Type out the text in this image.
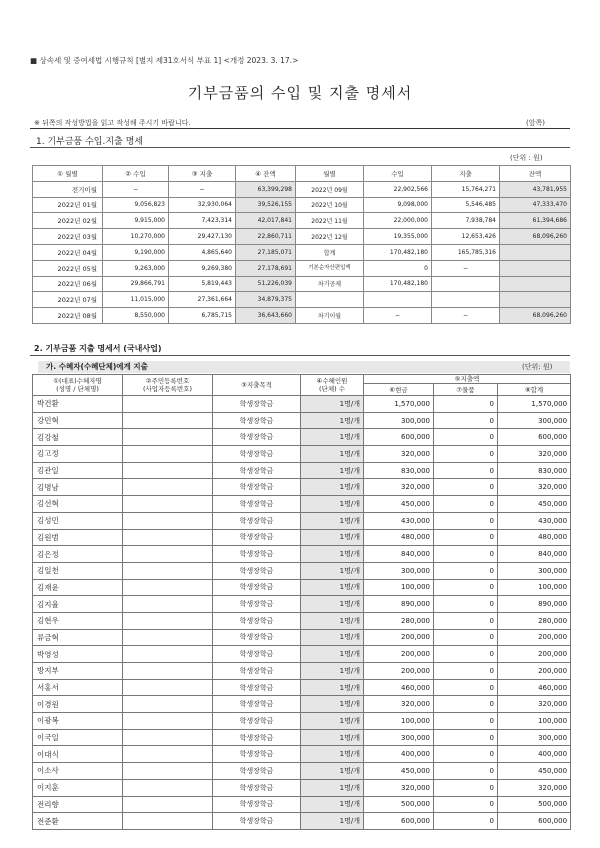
■ 상속세 및 증여세법 시행규칙 [별지 제31호서식 부표 1] <개정 2023. 3. 17.>
기부금품의 수입 및 지출 명세서
※ 뒤쪽의 작성방법을 읽고 작성해 주시기 바랍니다.	(앞쪽)
1. 기부금품 수입.지출 명세
(단위 : 원)
① 월별	② 수입	③ 지출	④ 잔액	월별	수입	지출	잔액
전기이월	−	−	63,399,298	2022년 09월	22,902,566	15,764,271	43,781,955
2022년 01월	9,056,823	32,930,064	39,526,155	2022년 10월	9,098,000	5,546,485	47,333,470
2022년 02월	9,915,000	7,423,314	42,017,841	2022년 11월	22,000,000	7,938,784	61,394,686
2022년 03월	10,270,000	29,427,130	22,860,711	2022년 12월	19,355,000	12,653,426	68,096,260
2022년 04월	9,190,000	4,865,640	27,185,071	합계	170,482,180	165,785,316	
2022년 05월	9,263,000	9,269,380	27,178,691	기본순자산편입액	0	−	
2022년 06월	29,866,791	5,819,443	51,226,039	차기공제	170,482,180		
2022년 07월	11,015,000	27,361,664	34,879,375				
2022년 08월	8,550,000	6,785,715	36,643,660	차기이월	−	−	68,096,260
2. 기부금품 지출 명세서 (국내사업)
가. 수혜자(수혜단체)에게 지출	(단위: 원)
①(대표)수혜자명
(성명 / 단체명)	②주민등록번호
(사업자등록번호)	③지출목적	④수혜인원
(단체) 수	⑤지출액		
				⑥현금	⑦물품	⑧합계
박건환		학생장학금	1명/개	1,570,000	0	1,570,000
강민혁		학생장학금	1명/개	300,000	0	300,000
김강철		학생장학금	1명/개	600,000	0	600,000
김고정		학생장학금	1명/개	320,000	0	320,000
김관일		학생장학금	1명/개	830,000	0	830,000
김명남		학생장학금	1명/개	320,000	0	320,000
김선혁		학생장학금	1명/개	450,000	0	450,000
김성민		학생장학금	1명/개	430,000	0	430,000
김원범		학생장학금	1명/개	480,000	0	480,000
김은정		학생장학금	1명/개	840,000	0	840,000
김일천		학생장학금	1명/개	300,000	0	300,000
김재윤		학생장학금	1명/개	100,000	0	100,000
김지율		학생장학금	1명/개	890,000	0	890,000
김현우		학생장학금	1명/개	280,000	0	280,000
류금혁		학생장학금	1명/개	200,000	0	200,000
박영성		학생장학금	1명/개	200,000	0	200,000
방지부		학생장학금	1명/개	200,000	0	200,000
서홍서		학생장학금	1명/개	460,000	0	460,000
이경원		학생장학금	1명/개	320,000	0	320,000
이광복		학생장학금	1명/개	100,000	0	100,000
이국일		학생장학금	1명/개	300,000	0	300,000
이대식		학생장학금	1명/개	400,000	0	400,000
이소사		학생장학금	1명/개	450,000	0	450,000
이지훈		학생장학금	1명/개	320,000	0	320,000
전리향		학생장학금	1명/개	500,000	0	500,000
전준환		학생장학금	1명/개	600,000	0	600,000
